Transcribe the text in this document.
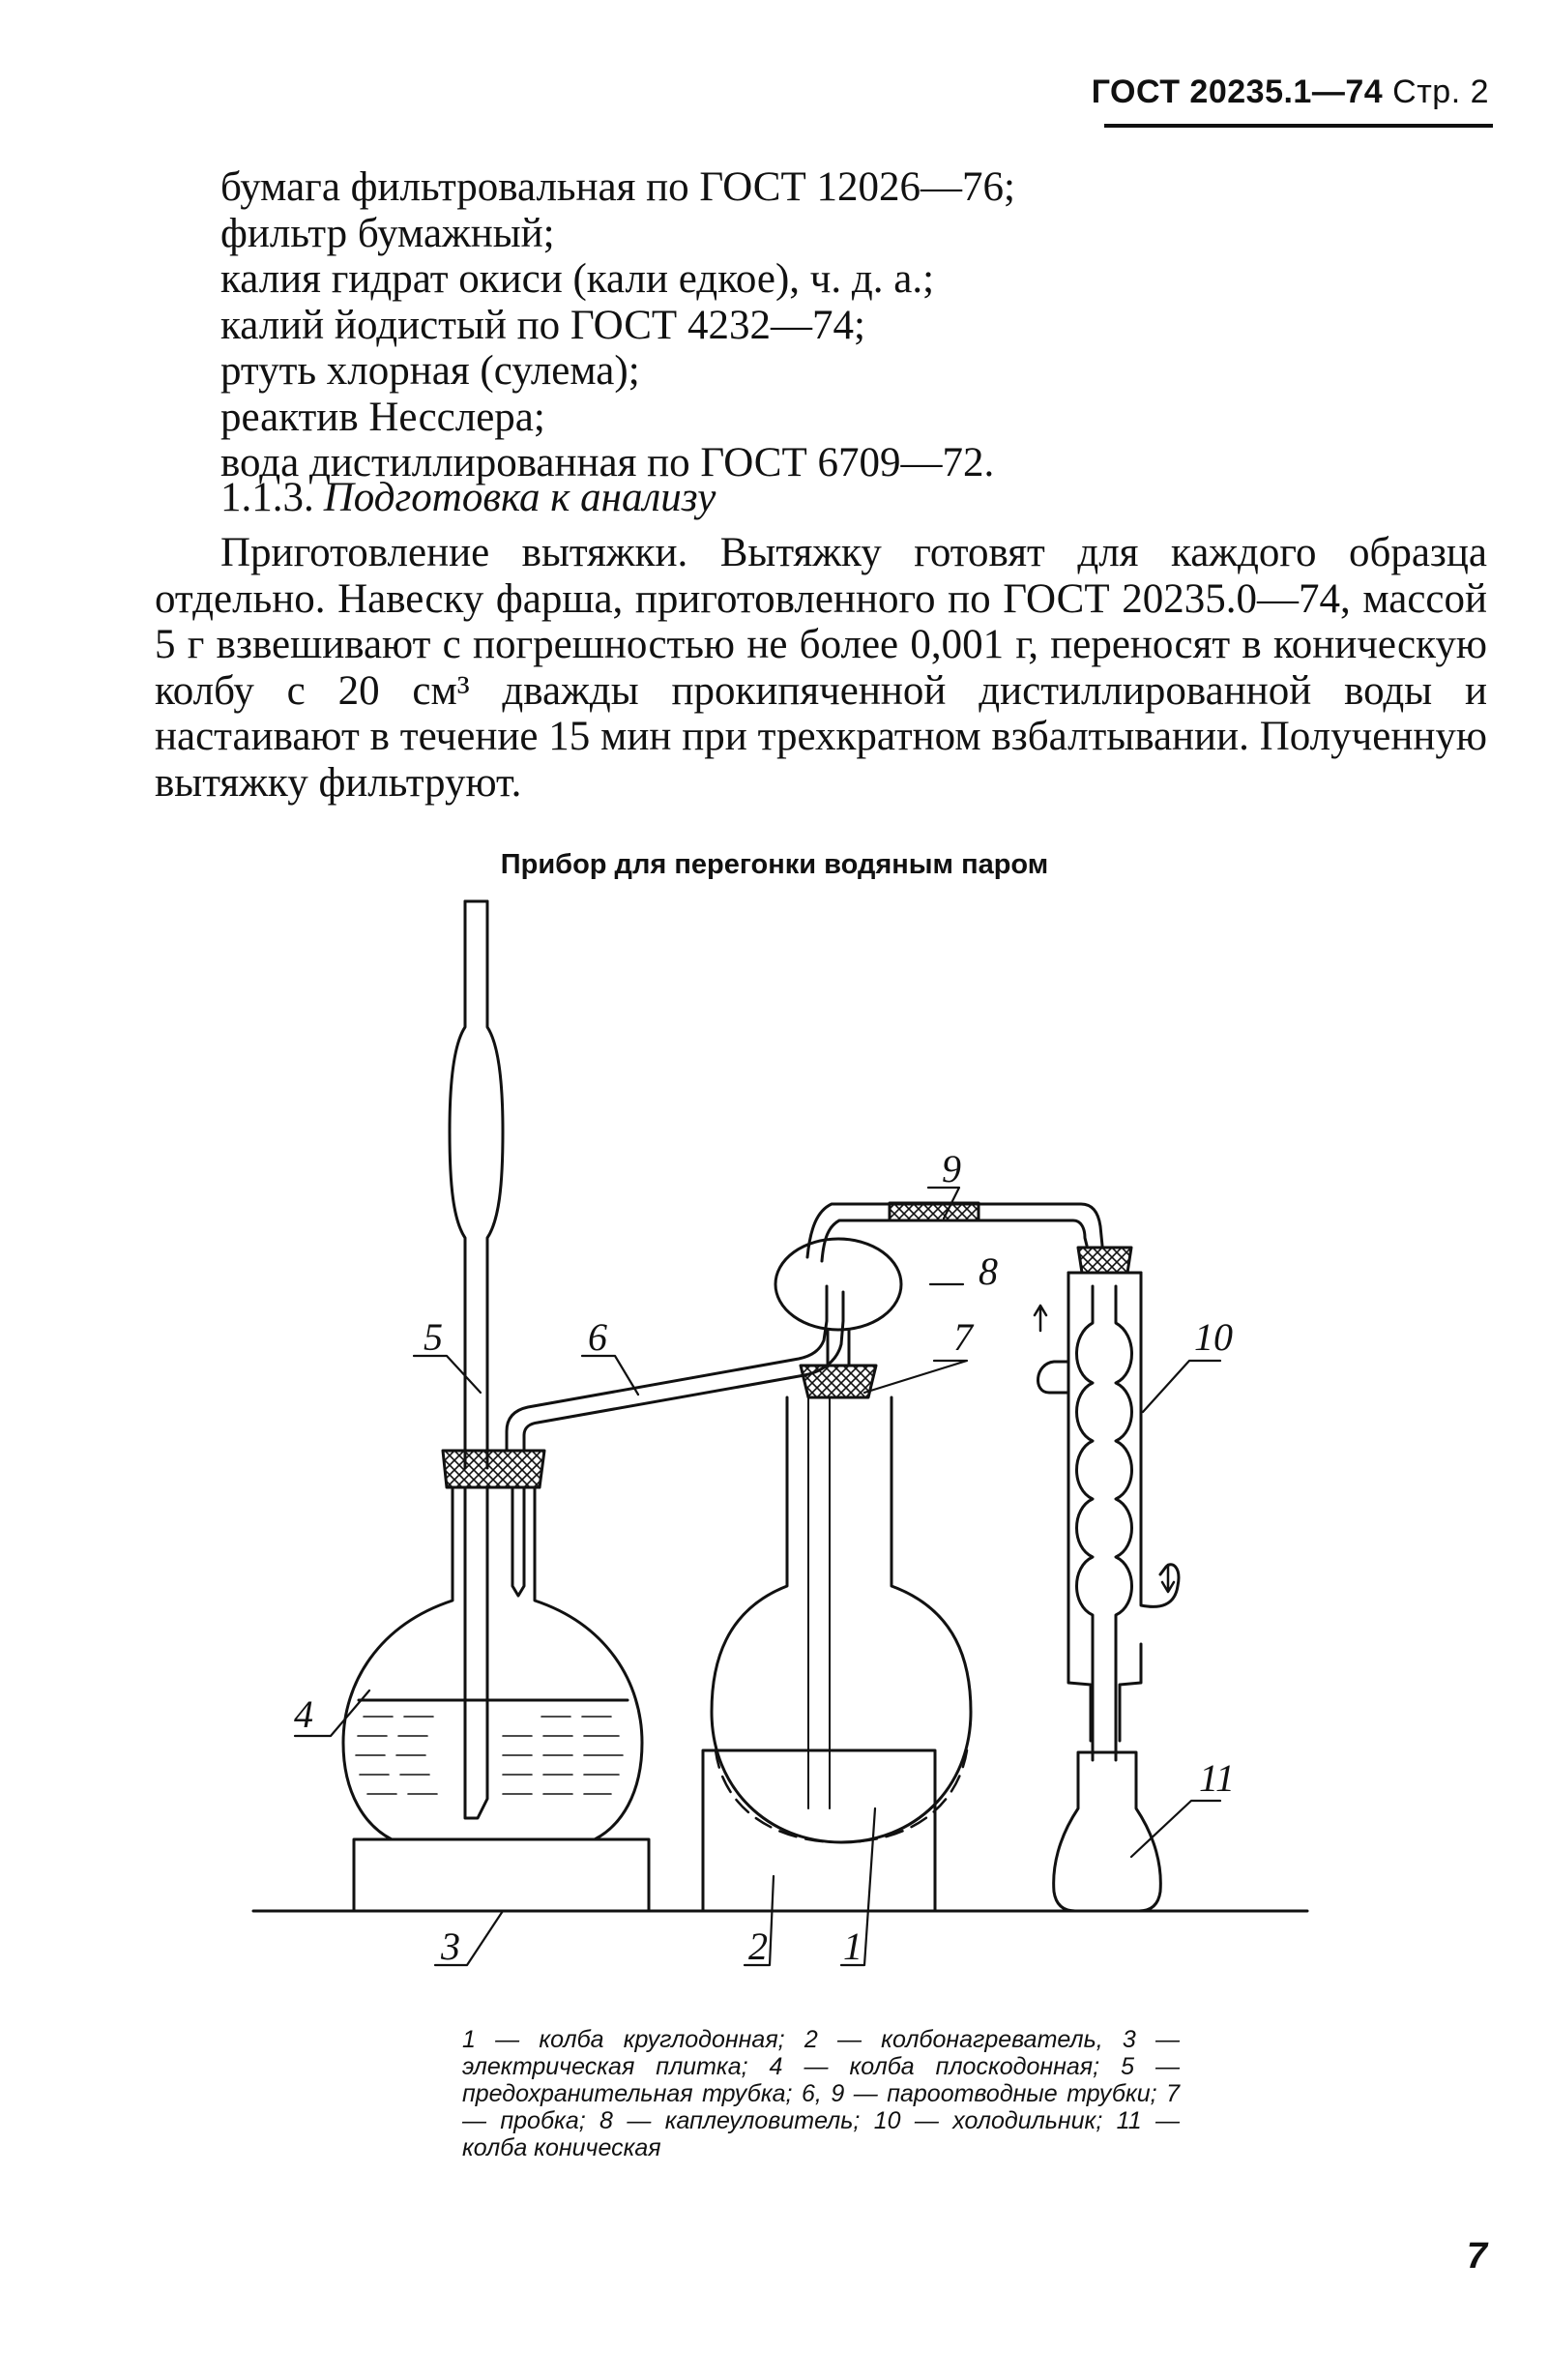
ГОСТ 20235.1—74 Стр. 2
бумага фильтровальная по ГОСТ 12026—76;
фильтр бумажный;
калия гидрат окиси (кали едкое), ч. д. а.;
калий йодистый по ГОСТ 4232—74;
ртуть хлорная (сулема);
реактив Несслера;
вода дистиллированная по ГОСТ 6709—72.
1.1.3. Подготовка к анализу

Приготовление вытяжки. Вытяжку готовят для каждого образца отдельно. Навеску фарша, приготовленного по ГОСТ 20235.0—74, массой 5 г взвешивают с погрешностью не более 0,001 г, переносят в коническую колбу с 20 см³ дважды прокипяченной дистиллированной воды и настаивают в течение 15 мин при трехкратном взбалтывании. Полученную вытяжку фильтруют.

Прибор для перегонки водяным паром
8
7
9
10
5	6
4
3	2 1
11

1 — колба круглодонная; 2 — колбонагреватель, 3 — электрическая плитка; 4 — колба плоскодонная; 5 — предохранительная трубка; 6, 9 — пароотводные трубки; 7 — пробка; 8 — каплеуловитель; 10 — холодильник; 11 — колба коническая

7
